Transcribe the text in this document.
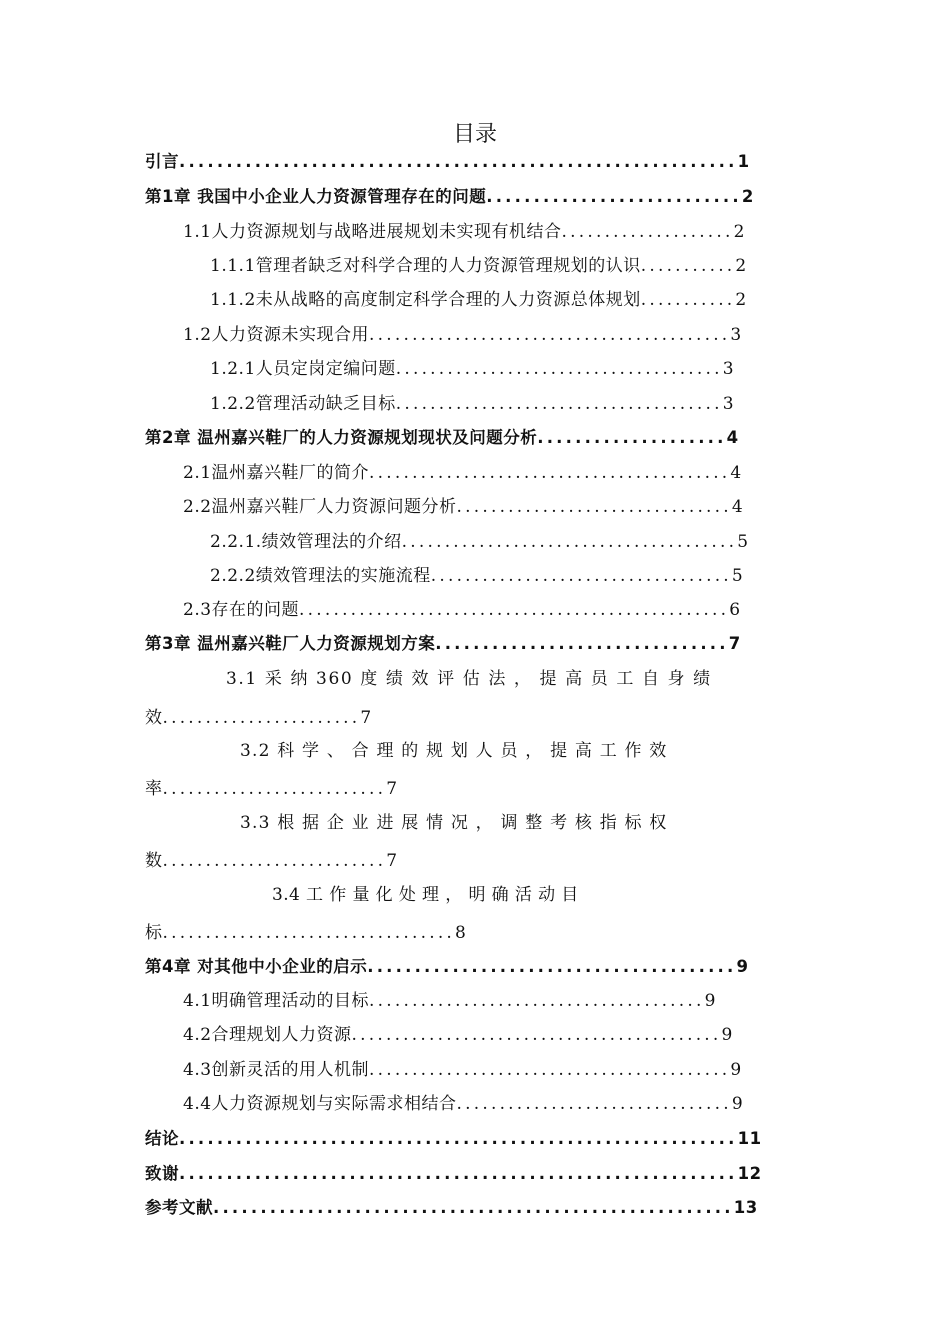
目录
引言...........................................................1
第1章 我国中小企业人力资源管理存在的问题...........................2
1.1人力资源规划与战略进展规划未实现有机结合....................2
1.1.1管理者缺乏对科学合理的人力资源管理规划的认识...........2
1.1.2未从战略的高度制定科学合理的人力资源总体规划...........2
1.2人力资源未实现合用..........................................3
1.2.1人员定岗定编问题......................................3
1.2.2管理活动缺乏目标......................................3
第2章 温州嘉兴鞋厂的人力资源规划现状及问题分析....................4
2.1温州嘉兴鞋厂的简介..........................................4
2.2温州嘉兴鞋厂人力资源问题分析................................4
2.2.1.绩效管理法的介绍.......................................5
2.2.2绩效管理法的实施流程...................................5
2.3存在的问题..................................................6
第3章 温州嘉兴鞋厂人力资源规划方案...............................7
3.1 采 纳 360 度 绩 效 评 估 法 ， 提 高 员 工 自 身 绩
效.......................7
3.2 科 学 、 合 理 的 规 划 人 员 ， 提 高 工 作 效
率..........................7
3.3 根 据 企 业 进 展 情 况 ， 调 整 考 核 指 标 权
数..........................7
3.4 工 作 量 化 处 理 ， 明 确 活 动 目
标..................................8
第4章 对其他中小企业的启示.......................................9
4.1明确管理活动的目标.......................................9
4.2合理规划人力资源...........................................9
4.3创新灵活的用人机制..........................................9
4.4人力资源规划与实际需求相结合................................9
结论...........................................................11
致谢...........................................................12
参考文献.......................................................13
